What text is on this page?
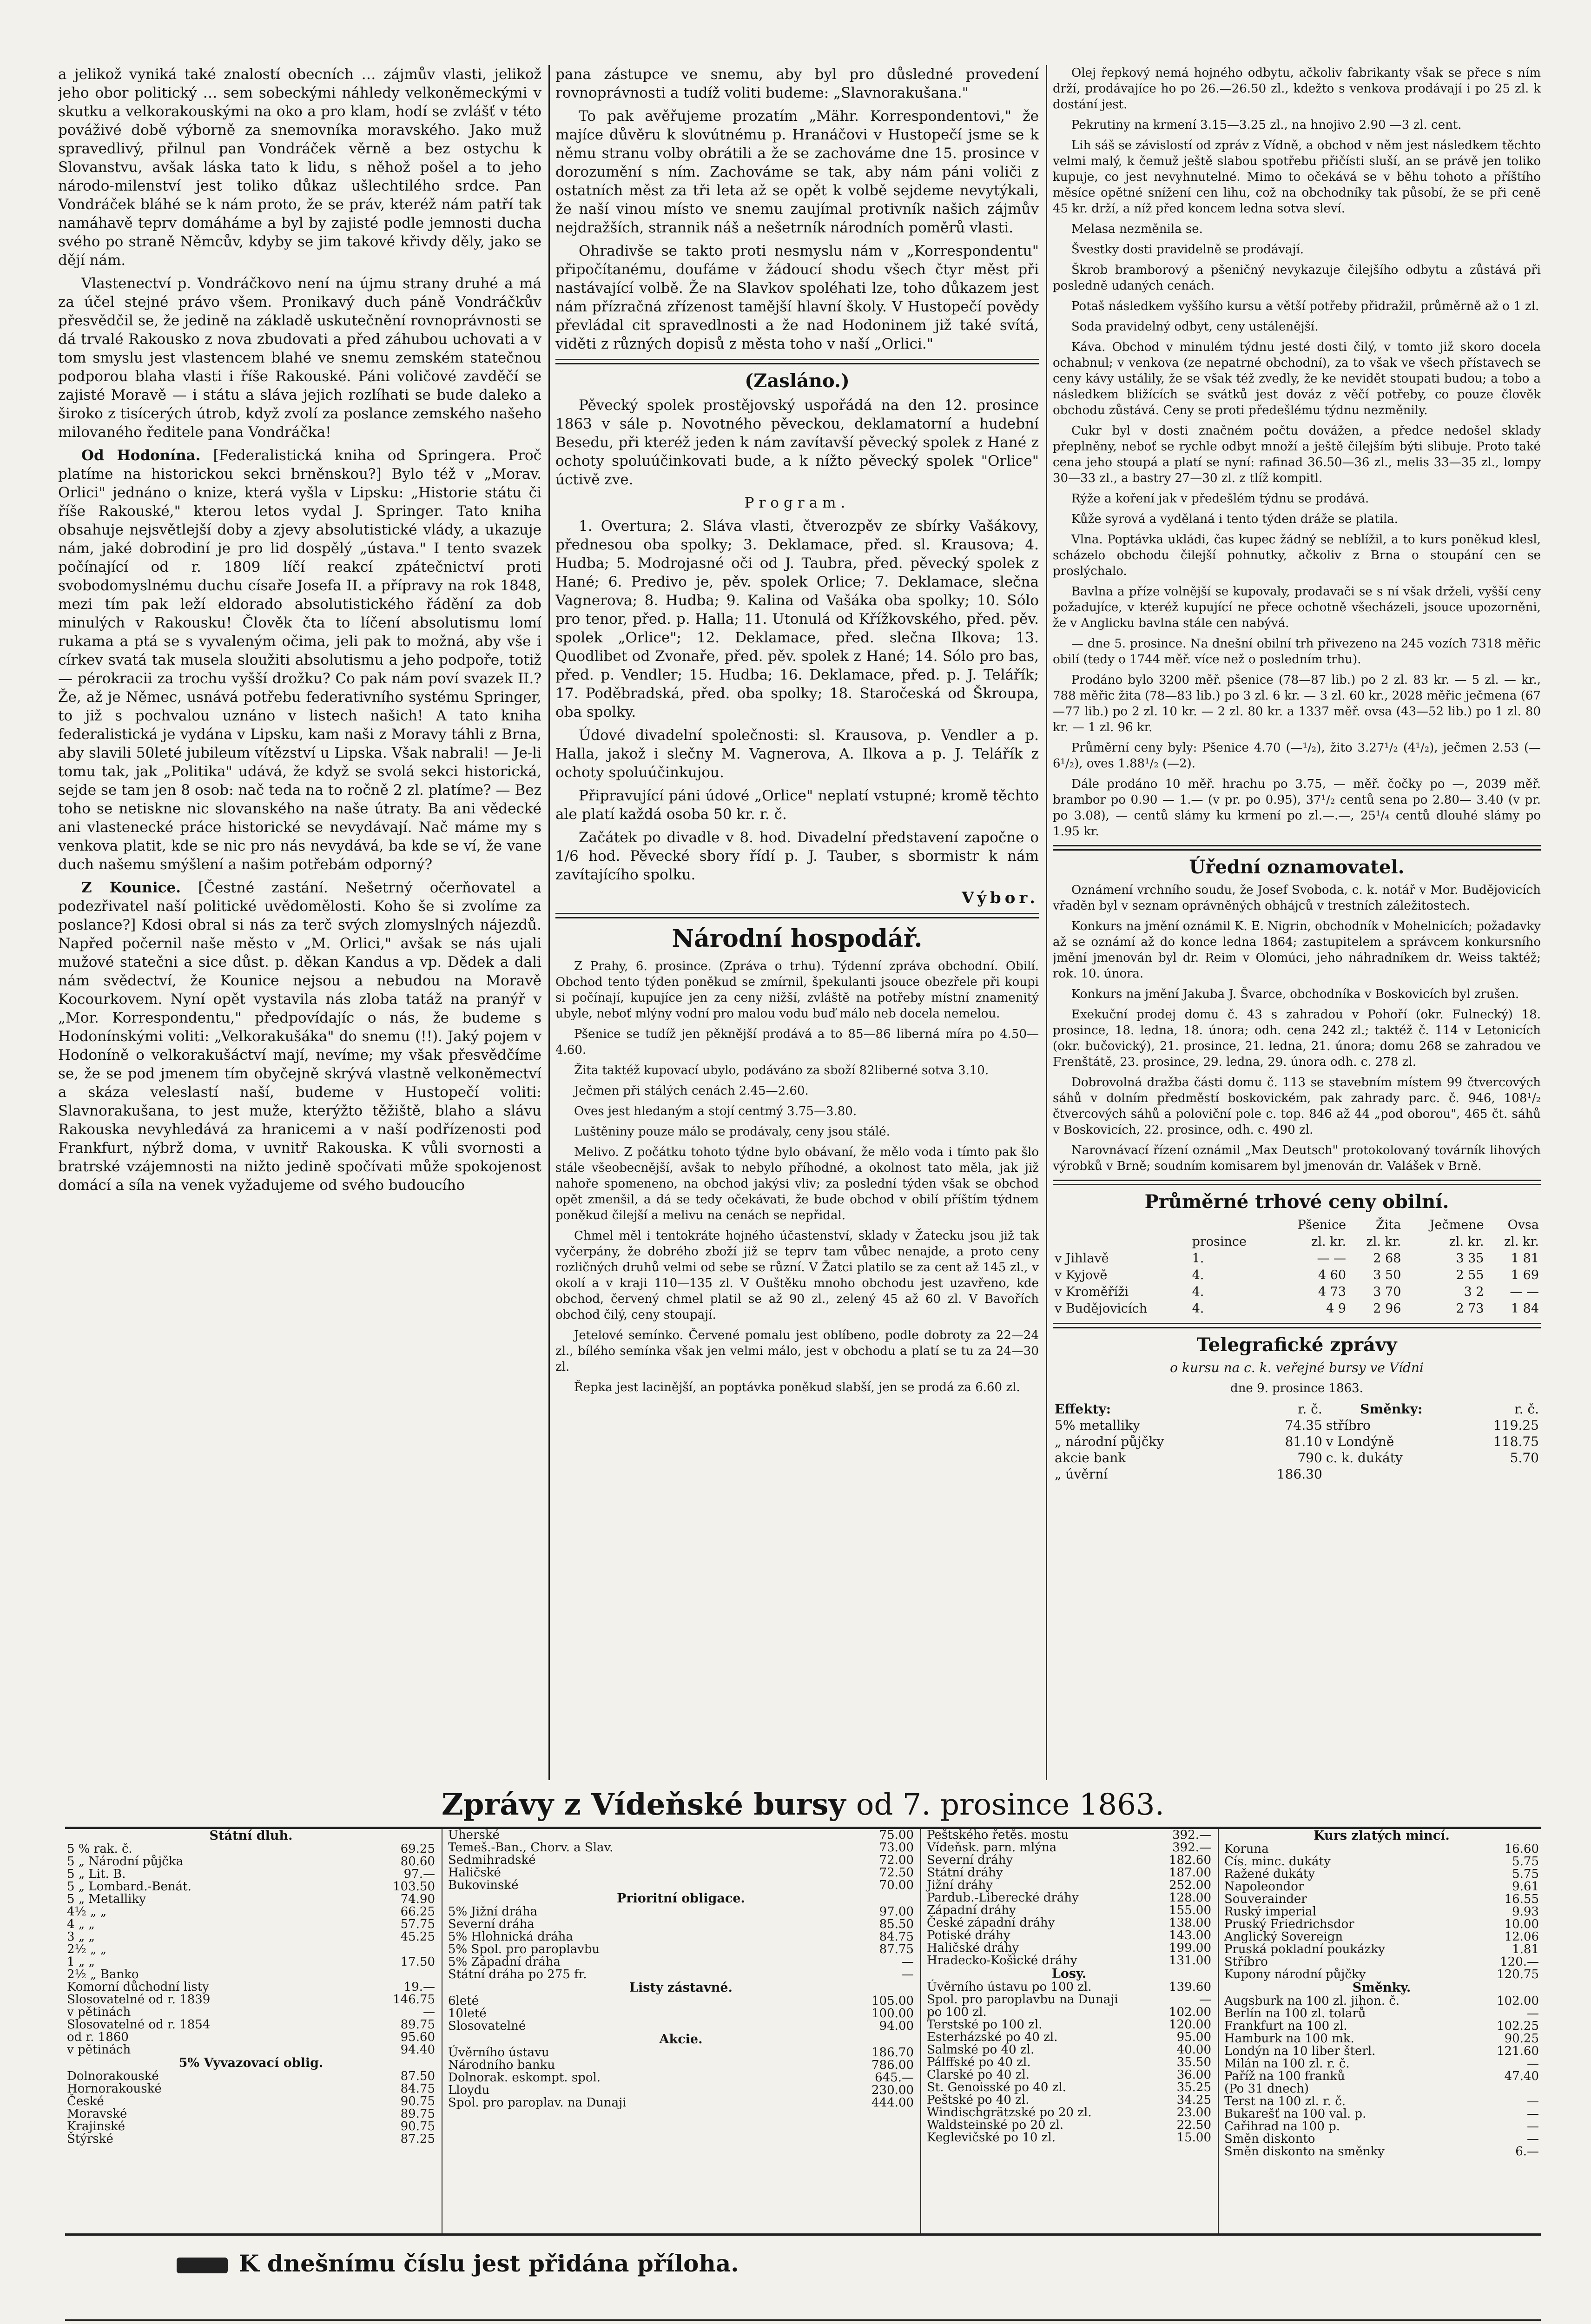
a jelikož vyniká také znalostí obecních … zájmův vlasti, jelikož jeho obor politický … sem sobeckými náhledy velkoněmeckými v skutku a velkorakouskými na oko a pro klam, hodí se zvlášť v této pováživé době výborně za snemovníka moravského. Jako muž spravedlivý, přilnul pan Vondráček věrně a bez ostychu k Slovanstvu, avšak láska tato k lidu, s něhož pošel a to jeho národo-milenství jest toliko důkaz ušlechtilého srdce. Pan Vondráček bláhé se k nám proto, že se práv, kteréž nám patří tak namáhavě teprv domáháme a byl by zajisté podle jemnosti ducha svého po straně Němcův, kdyby se jim takové křivdy děly, jako se dějí nám.

Vlastenectví p. Vondráčkovo není na újmu strany druhé a má za účel stejné právo všem. Pronikavý duch páně Vondráčkův přesvědčil se, že jedině na základě uskutečnění rovnoprávnosti se dá trvalé Rakousko z nova zbudovati a před záhubou uchovati a v tom smyslu jest vlastencem blahé ve snemu zemském statečnou podporou blaha vlasti i říše Rakouské. Páni voličové zavděčí se zajisté Moravě — i státu a sláva jejich rozlíhati se bude daleko a široko z tisícerých útrob, když zvolí za poslance zemského našeho milovaného ředitele pana Vondráčka!

Od Hodonína. [Federalistická kniha od Springera. Proč platíme na historickou sekci brněnskou?] Bylo též v „Morav. Orlici" jednáno o knize, která vyšla v Lipsku: „Historie státu či říše Rakouské," kterou letos vydal J. Springer. Tato kniha obsahuje nejsvětlejší doby a zjevy absolutistické vlády, a ukazuje nám, jaké dobrodiní je pro lid dospělý „ústava." I tento svazek počínající od r. 1809 líčí reakcí zpátečnictví proti svobodomyslnému duchu císaře Josefa II. a přípravy na rok 1848, mezi tím pak leží eldorado absolutistického řádění za dob minulých v Rakousku! Člověk čta to líčení absolutismu lomí rukama a ptá se s vyvaleným očima, jeli pak to možná, aby vše i církev svatá tak musela sloužiti absolutismu a jeho podpoře, totiž — pérokracii za trochu vyšší drožku? Co pak nám poví svazek II.? Že, až je Němec, usnává potřebu federativního systému Springer, to již s pochvalou uznáno v listech našich! A tato kniha federalistická je vydána v Lipsku, kam naši z Moravy táhli z Brna, aby slavili 50leté jubileum vítězství u Lipska. Však nabrali! — Je-li tomu tak, jak „Politika" udává, že když se svolá sekci historická, sejde se tam jen 8 osob: nač teda na to ročně 2 zl. platíme? — Bez toho se netiskne nic slovanského na naše útraty. Ba ani vědecké ani vlastenecké práce historické se nevydávají. Nač máme my s venkova platit, kde se nic pro nás nevydává, ba kde se ví, že vane duch našemu smýšlení a našim potřebám odporný?

Z Kounice. [Čestné zastání. Nešetrný očerňovatel a podezřivatel naší politické uvědomělosti. Koho še si zvolíme za poslance?] Kdosi obral si nás za terč svých zlomyslných nájezdů. Napřed počernil naše město v „M. Orlici," avšak se nás ujali mužové statečni a sice důst. p. děkan Kandus a vp. Dědek a dali nám svědectví, že Kounice nejsou a nebudou na Moravě Kocourkovem. Nyní opět vystavila nás zloba tatáž na pranýř v „Mor. Korrespondentu," předpovídajíc o nás, že budeme s Hodonínskými voliti: „Velkorakušáka" do snemu (!!). Jaký pojem v Hodoníně o velkorakušáctví mají, nevíme; my však přesvědčíme se, že se pod jmenem tím obyčejně skrývá vlastně velkoněmectví a skáza veleslastí naší, budeme v Hustopečí voliti: Slavnorakušana, to jest muže, kterýžto těžiště, blaho a slávu Rakouska nevyhledává za hranicemi a v naší podřízenosti pod Frankfurt, nýbrž doma, v uvnitř Rakouska. K vůli svornosti a bratrské vzájemnosti na nižto jedině spočívati může spokojenost domácí a síla na venek vyžadujeme od svého budoucího

pana zástupce ve snemu, aby byl pro důsledné provedení rovnoprávnosti a tudíž voliti budeme: „Slavnorakušana."

To pak avěřujeme prozatím „Mähr. Korrespondentovi," že majíce důvěru k slovútnému p. Hranáčovi v Hustopečí jsme se k němu stranu volby obrátili a že se zachováme dne 15. prosince v dorozumění s ním. Zachováme se tak, aby nám páni voliči z ostatních měst za tři leta až se opět k volbě sejdeme nevytýkali, že naší vinou místo ve snemu zaujímal protivník našich zájmův nejdražších, strannik náš a nešetrník národních poměrů vlasti.

Ohradivše se takto proti nesmyslu nám v „Korrespondentu" připočítanému, doufáme v žádoucí shodu všech čtyr měst při nastávající volbě. Že na Slavkov spoléhati lze, toho důkazem jest nám přízračná zřízenost tamější hlavní školy. V Hustopečí povědy převládal cit spravedlnosti a že nad Hodoninem již také svítá, viděti z různých dopisů z města toho v naší „Orlici."

(Zasláno.)

Pěvecký spolek prostějovský uspořádá na den 12. prosince 1863 v sále p. Novotného pěveckou, deklamatorní a hudební Besedu, při kteréž jeden k nám zavítavší pěvecký spolek z Hané z ochoty spoluúčinkovati bude, a k nížto pěvecký spolek "Orlice" úctivě zve.

Program.

1. Overtura; 2. Sláva vlasti, čtverozpěv ze sbírky Vašákovy, přednesou oba spolky; 3. Deklamace, před. sl. Krausova; 4. Hudba; 5. Modrojasné oči od J. Taubra, před. pěvecký spolek z Hané; 6. Predivo je, pěv. spolek Orlice; 7. Deklamace, slečna Vagnerova; 8. Hudba; 9. Kalina od Vašáka oba spolky; 10. Sólo pro tenor, před. p. Halla; 11. Utonulá od Křížkovského, před. pěv. spolek „Orlice"; 12. Deklamace, před. slečna Ilkova; 13. Quodlibet od Zvonaře, před. pěv. spolek z Hané; 14. Sólo pro bas, před. p. Vendler; 15. Hudba; 16. Deklamace, před. p. J. Telářík; 17. Poděbradská, před. oba spolky; 18. Staročeská od Škroupa, oba spolky.

Údové divadelní společnosti: sl. Krausova, p. Vendler a p. Halla, jakož i slečny M. Vagnerova, A. Ilkova a p. J. Telářík z ochoty spoluúčinkujou.

Připravující páni údové „Orlice" neplatí vstupné; kromě těchto ale platí každá osoba 50 kr. r. č.

Začátek po divadle v 8. hod. Divadelní představení započne o 1/6 hod. Pěvecké sbory řídí p. J. Tauber, s sbormistr k nám zavítajícího spolku.

Výbor.

Národní hospodář.

Z Prahy, 6. prosince. (Zpráva o trhu). Týdenní zpráva obchodní. Obilí. Obchod tento týden poněkud se zmírnil, špekulanti jsouce obezřele při koupi si počínají, kupujíce jen za ceny nižší, zvláště na potřeby místní znamenitý ubyle, neboť mlýny vodní pro malou vodu buď málo neb docela nemelou.

Pšenice se tudíž jen pěknější prodává a to 85—86 liberná míra po 4.50—4.60.

Žita taktéž kupovací ubylo, podáváno za sboží 82liberné sotva 3.10.

Ječmen při stálých cenách 2.45—2.60.

Oves jest hledaným a stojí centmý 3.75—3.80.

Luštěniny pouze málo se prodávaly, ceny jsou stálé.

Melivo. Z počátku tohoto týdne bylo obávaní, že mělo voda i tímto pak šlo stále všeobecnější, avšak to nebylo příhodné, a okolnost tato měla, jak již nahoře spomeneno, na obchod jakýsi vliv; za poslední týden však se obchod opět zmenšil, a dá se tedy očekávati, že bude obchod v obilí příštím týdnem poněkud čilejší a melivu na cenách se nepřidal.

Chmel měl i tentokráte hojného účastenství, sklady v Žatecku jsou již tak vyčerpány, že dobrého zboží již se teprv tam vůbec nenajde, a proto ceny rozličných druhů velmi od sebe se různí. V Žatci platilo se za cent až 145 zl., v okolí a v kraji 110—135 zl. V Ouštěku mnoho obchodu jest uzavřeno, kde obchod, červený chmel platil se až 90 zl., zelený 45 až 60 zl. V Bavořích obchod čilý, ceny stoupají.

Jetelové semínko. Červené pomalu jest oblíbeno, podle dobroty za 22—24 zl., bílého semínka však jen velmi málo, jest v obchodu a platí se tu za 24—30 zl.

Řepka jest lacinější, an poptávka poněkud slabší, jen se prodá za 6.60 zl.

Olej řepkový nemá hojného odbytu, ačkoliv fabrikanty však se přece s ním drží, prodávajíce ho po 26.—26.50 zl., kdežto s venkova prodávají i po 25 zl. k dostání jest.

Pekrutiny na krmení 3.15—3.25 zl., na hnojivo 2.90 —3 zl. cent.

Lih sáš se závislostí od zpráv z Vídně, a obchod v něm jest následkem těchto velmi malý, k čemuž ještě slabou spotřebu přičísti sluší, an se právě jen toliko kupuje, co jest nevyhnutelné. Mimo to očekává se v běhu tohoto a příštího měsíce opětné snížení cen lihu, což na obchodníky tak působí, že se při ceně 45 kr. drží, a níž před koncem ledna sotva sleví.

Melasa nezměnila se.

Švestky dosti pravidelně se prodávají.

Škrob bramborový a pšeničný nevykazuje čilejšího odbytu a zůstává při posledně udaných cenách.

Potaš následkem vyššího kursu a větší potřeby přidražil, průměrně až o 1 zl.

Soda pravidelný odbyt, ceny ustálenější.

Káva. Obchod v minulém týdnu jesté dosti čilý, v tomto již skoro docela ochabnul; v venkova (ze nepatrné obchodní), za to však ve všech přístavech se ceny kávy ustálily, že se však též zvedly, že ke nevidět stoupati budou; a tobo a následkem bližících se svátků jest dováz z věčí potřeby, co pouze člověk obchodu zůstává. Ceny se proti předešlému týdnu nezměnily.

Cukr byl v dosti značném počtu dovážen, a předce nedošel sklady přeplněny, neboť se rychle odbyt množí a ještě čilejším býti slibuje. Proto také cena jeho stoupá a platí se nyní: rafinad 36.50—36 zl., melis 33—35 zl., lompy 30—33 zl., a bastry 27—30 zl. z tlíž kompitl.

Rýže a koření jak v předešlém týdnu se prodává.

Kůže syrová a vydělaná i tento týden dráže se platila.

Vlna. Poptávka ukládi, čas kupec žádný se neblížil, a to kurs poněkud klesl, scházelo obchodu čilejší pohnutky, ačkoliv z Brna o stoupání cen se proslýchalo.

Bavlna a příze volnější se kupovaly, prodavači se s ní však drželi, vyšší ceny požadujíce, v kteréž kupující ne přece ochotně všecházeli, jsouce upozorněni, že v Anglicku bavlna stále cen nabývá.

— dne 5. prosince. Na dnešní obilní trh přivezeno na 245 vozích 7318 měřic obilí (tedy o 1744 měř. více než o posledním trhu).

Prodáno bylo 3200 měř. pšenice (78—87 lib.) po 2 zl. 83 kr. — 5 zl. — kr., 788 měřic žita (78—83 lib.) po 3 zl. 6 kr. — 3 zl. 60 kr., 2028 měřic ječmena (67—77 lib.) po 2 zl. 10 kr. — 2 zl. 80 kr. a 1337 měř. ovsa (43—52 lib.) po 1 zl. 80 kr. — 1 zl. 96 kr.

Průměrní ceny byly: Pšenice 4.70 (—¹/₂), žito 3.27¹/₂ (4¹/₂), ječmen 2.53 (—6¹/₂), oves 1.88¹/₂ (—2).

Dále prodáno 10 měř. hrachu po 3.75, — měř. čočky po —, 2039 měř. brambor po 0.90 — 1.— (v pr. po 0.95), 37¹/₂ centů sena po 2.80— 3.40 (v pr. po 3.08), — centů slámy ku krmení po zl.—.—, 25¹/₄ centů dlouhé slámy po 1.95 kr.

Úřední oznamovatel.

Oznámení vrchního soudu, že Josef Svoboda, c. k. notář v Mor. Budějovicích vřaděn byl v seznam oprávněných obhájců v trestních záležitostech.

Konkurs na jmění oznámil K. E. Nigrin, obchodník v Mohelnicích; požadavky až se oznámí až do konce ledna 1864; zastupitelem a správcem konkursního jmění jmenován byl dr. Reim v Olomúci, jeho náhradníkem dr. Weiss taktéž; rok. 10. února.

Konkurs na jmění Jakuba J. Švarce, obchodníka v Boskovicích byl zrušen.

Exekuční prodej domu č. 43 s zahradou v Pohoří (okr. Fulnecký) 18. prosince, 18. ledna, 18. února; odh. cena 242 zl.; taktéž č. 114 v Letonicích (okr. bučovický), 21. prosince, 21. ledna, 21. února; domu 268 se zahradou ve Frenštátě, 23. prosince, 29. ledna, 29. února odh. c. 278 zl.

Dobrovolná dražba části domu č. 113 se stavebním místem 99 čtvercových sáhů v dolním předměstí boskovickém, pak zahrady parc. č. 946, 108¹/₂ čtvercových sáhů a poloviční pole c. top. 846 až 44 „pod oborou", 465 čt. sáhů v Boskovicích, 22. prosince, odh. c. 490 zl.

Narovnávací řízení oznámil „Max Deutsch" protokolovaný továrník lihových výrobků v Brně; soudním komisarem byl jmenován dr. Valášek v Brně.

Průměrné trhové ceny obilní.
		Pšenice	Žita	Ječmene	Ovsa
	prosince	zl. kr.	zl. kr.	zl. kr.	zl. kr.
v Jihlavě	1.	— —	2 68	3 35	1 81
v Kyjově	4.	4 60	3 50	2 55	1 69
v Kroměříži	4.	4 73	3 70	3 2	— —
v Budějovicích	4.	4 9	2 96	2 73	1 84
Telegrafické zprávy

o kursu na c. k. veřejné bursy ve Vídni

dne 9. prosince 1863.

Effekty:	r. č.	Směnky:	r. č.
5% metalliky	74.35	stříbro	119.25
„ národní půjčky	81.10	v Londýně	118.75
akcie bank	790	c. k. dukáty	5.70
„ úvěrní	186.30		
Zprávy z Vídeňské bursy od 7. prosince 1863.
Státní dluh.
5 % rak. č.	69.25
5 „ Národní půjčka	80.60
5 „ Lit. B.	97.—
5 „ Lombard.-Benát.	103.50
5 „ Metalliky	74.90
4½ „ „	66.25
4 „ „	57.75
3 „ „	45.25
2½ „ „	
1 „ „	17.50
2½ „ Banko	
Komorní důchodní listy	19.—
Slosovatelné od r. 1839	146.75
v pětinách	—
Slosovatelné od r. 1854	89.75
od r. 1860	95.60
v pětinách	94.40
5% Vyvazovací oblig.
Dolnorakouské	87.50
Hornorakouské	84.75
České	90.75
Moravské	89.75
Krajinské	90.75
Štýrské	87.25
Uherské	75.00
Temeš.-Ban., Chorv. a Slav.	73.00
Sedmihradské	72.00
Haličské	72.50
Bukovinské	70.00
Prioritní obligace.
5% Jižní dráha	97.00
Severní dráha	85.50
5% Hlohnická dráha	84.75
5% Spol. pro paroplavbu	87.75
5% Západní dráha	—
Státní dráha po 275 fr.	—
Listy zástavné.
6leté	105.00
10leté	100.00
Slosovatelné	94.00
Akcie.
Úvěrního ústavu	186.70
Národního banku	786.00
Dolnorak. eskompt. spol.	645.—
Lloydu	230.00
Spol. pro paroplav. na Dunaji	444.00
Peštského řetěs. mostu	392.—
Vídeňsk. parn. mlýna	392.—
Severní dráhy	182.60
Státní dráhy	187.00
Jižní dráhy	252.00
Pardub.-Liberecké dráhy	128.00
Západní dráhy	155.00
České západní dráhy	138.00
Potiské dráhy	143.00
Haličské dráhy	199.00
Hradecko-Košické dráhy	131.00
Losy.
Úvěrního ústavu po 100 zl.	139.60
Spol. pro paroplavbu na Dunaji	—
po 100 zl.	102.00
Terstské po 100 zl.	120.00
Esterházské po 40 zl.	95.00
Salmské po 40 zl.	40.00
Pálffské po 40 zl.	35.50
Clarské po 40 zl.	36.00
St. Genoisské po 40 zl.	35.25
Peštské po 40 zl.	34.25
Windischgrätzské po 20 zl.	23.00
Waldsteinské po 20 zl.	22.50
Keglevičské po 10 zl.	15.00
Kurs zlatých mincí.
Koruna	16.60
Cís. minc. dukáty	5.75
Ražené dukáty	5.75
Napoleondor	9.61
Souverainder	16.55
Ruský imperial	9.93
Pruský Friedrichsdor	10.00
Anglický Sovereign	12.06
Pruská pokladní poukázky	1.81
Stříbro	120.—
Kupony národní půjčky	120.75
Směnky.
Augsburk na 100 zl. jihon. č.	102.00
Berlín na 100 zl. tolarů	—
Frankfurt na 100 zl.	102.25
Hamburk na 100 mk.	90.25
Londýn na 10 liber šterl.	121.60
Milán na 100 zl. r. č.	—
Paříž na 100 franků	47.40
(Po 31 dnech)	
Terst na 100 zl. r. č.	—
Bukarešť na 100 val. p.	—
Cařihrad na 100 p.	—
Směn diskonto	—
Směn diskonto na směnky	6.—
K dnešnímu číslu jest přidána příloha.
